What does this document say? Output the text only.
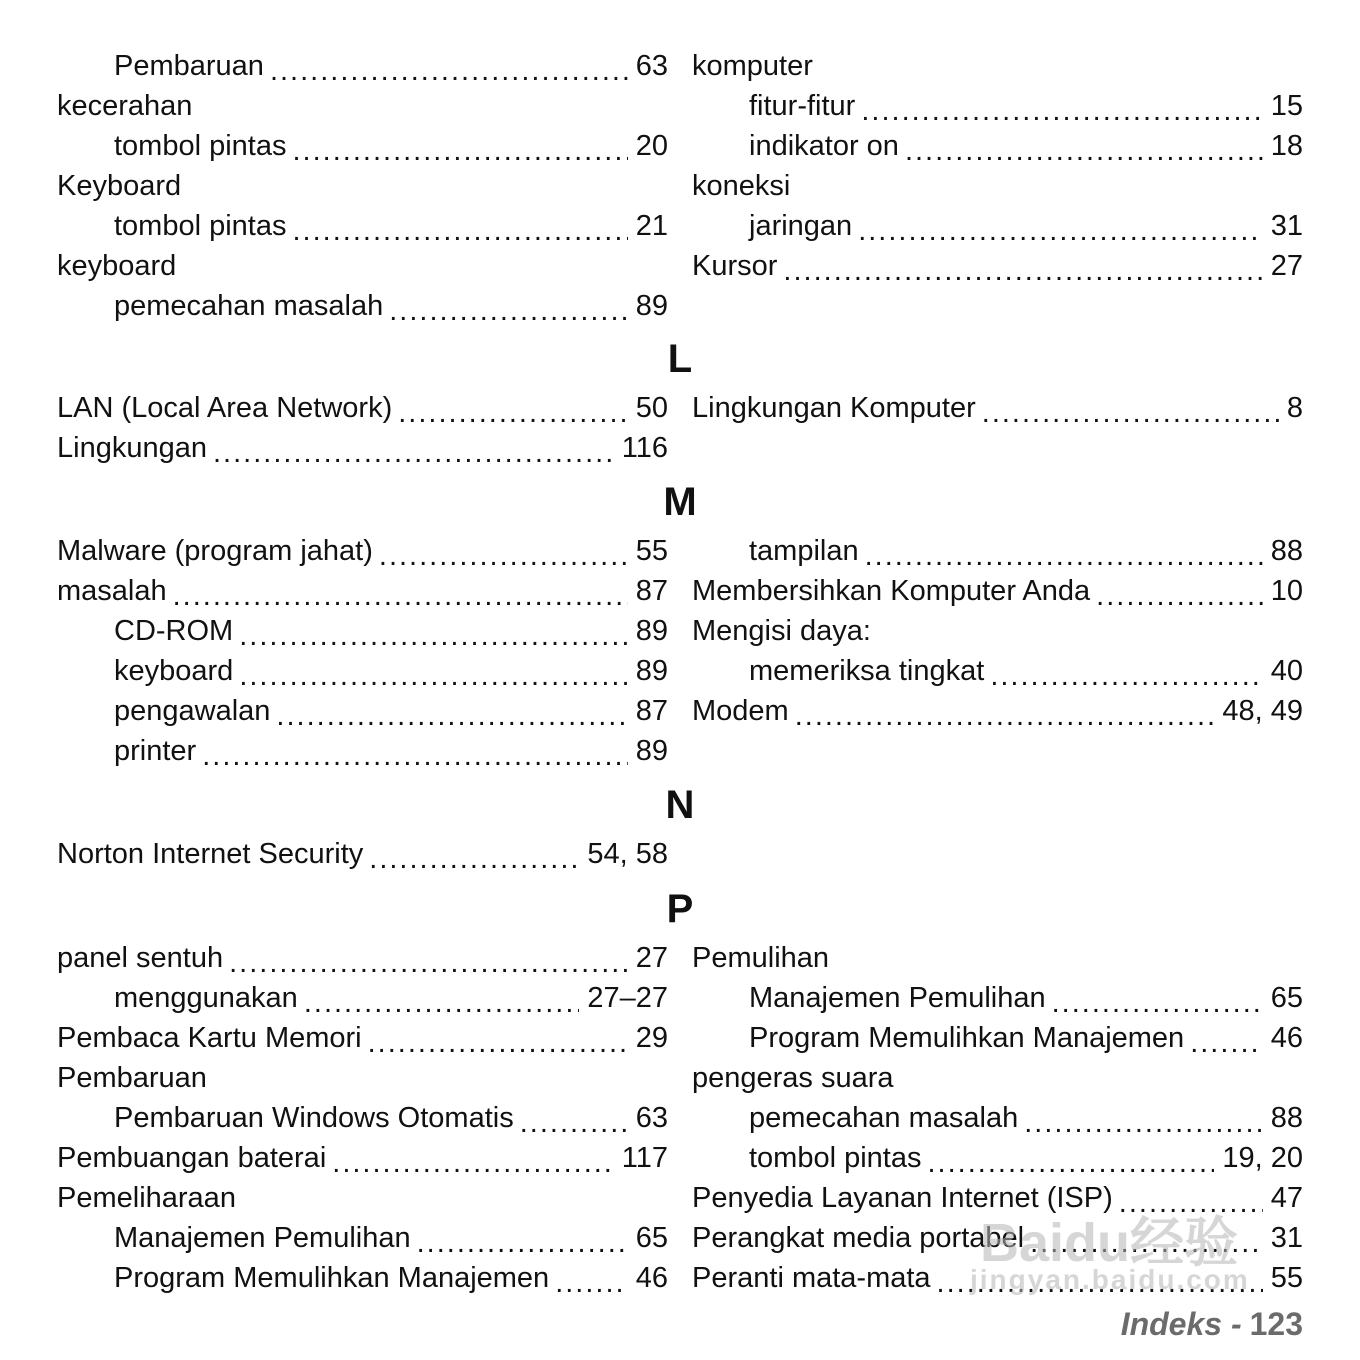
Pembaruan .....	63
kecerahan
tombol pintas .....	20
Keyboard
tombol pintas .....	21
keyboard
pemecahan masalah .....	89
komputer
fitur-fitur .....	15
indikator on .....	18
koneksi
jaringan .....	31
Kursor .....	27
L
LAN (Local Area Network) .....	50
Lingkungan .....	116
Lingkungan Komputer .....	8
M
Malware (program jahat) .....	55
masalah .....	87
CD-ROM .....	89
keyboard .....	89
pengawalan .....	87
printer .....	89
tampilan .....	88
Membersihkan Komputer Anda .....	10
Mengisi daya:
memeriksa tingkat .....	40
Modem .....	48, 49
N
Norton Internet Security .....	54, 58
P
panel sentuh .....	27
menggunakan .....	27–27
Pembaca Kartu Memori .....	29
Pembaruan
Pembaruan Windows Otomatis .....	63
Pembuangan baterai .....	117
Pemeliharaan
Manajemen Pemulihan .....	65
Program Memulihkan Manajemen .....	46
Pemulihan
Manajemen Pemulihan .....	65
Program Memulihkan Manajemen .....	46
pengeras suara
pemecahan masalah .....	88
tombol pintas .....	19, 20
Penyedia Layanan Internet (ISP) .....	47
Perangkat media portabel .....	31
Peranti mata-mata .....	55
Baidu经验
jingyan.baidu.com
Indeks - 123
